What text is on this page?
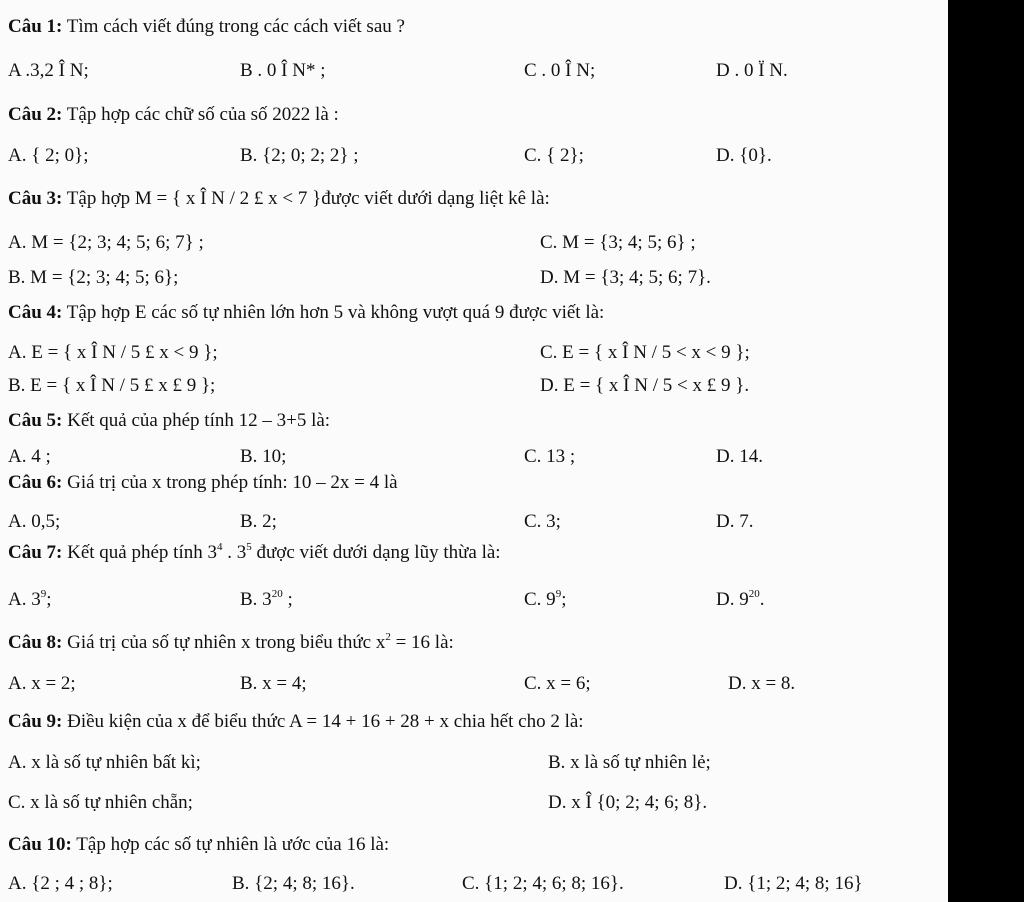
Câu 1: Tìm cách viết đúng trong các cách viết sau ?
A .3,2 Î N;	B . 0 Î N* ;	C . 0 Î N;	D . 0 Ï N.
Câu 2: Tập hợp các chữ số của số 2022 là :
A. { 2; 0};	B. {2; 0; 2; 2} ;	C. { 2};	D. {0}.
Câu 3: Tập hợp M = { x Î N / 2 £ x < 7 }được viết dưới dạng liệt kê là:
A. M = {2; 3; 4; 5; 6; 7} ;	C. M = {3; 4; 5; 6} ;
B. M = {2; 3; 4; 5; 6};	D. M = {3; 4; 5; 6; 7}.
Câu 4: Tập hợp E các số tự nhiên lớn hơn 5 và không vượt quá 9 được viết là:
A. E = { x Î N / 5 £ x < 9 };	C. E = { x Î N / 5 < x < 9 };
B. E = { x Î N / 5 £ x £ 9 };	D. E = { x Î N / 5 < x £ 9 }.
Câu 5: Kết quả của phép tính 12 – 3+5 là:
A. 4 ;	B. 10;	C. 13 ;	D. 14.
Câu 6: Giá trị của x trong phép tính: 10 – 2x = 4 là
A. 0,5;	B. 2;	C. 3;	D. 7.
Câu 7: Kết quả phép tính $3^4$ . $3^5$ được viết dưới dạng lũy thừa là:
A. $3^9$;	B. $3^{20}$ ;	C. $9^9$;	D. $9^{20}$.
Câu 8: Giá trị của số tự nhiên x trong biểu thức $x^2 = 16$ là:
A. x = 2;	B. x = 4;	C. x = 6;	D. x = 8.
Câu 9: Điều kiện của x để biểu thức A = 14 + 16 + 28 + x chia hết cho 2 là:
A. x là số tự nhiên bất kì;	B. x là số tự nhiên lẻ;
C. x là số tự nhiên chẵn;	D. x Î {0; 2; 4; 6; 8}.
Câu 10: Tập hợp các số tự nhiên là ước của 16 là:
A. {2 ; 4 ; 8};	B. {2; 4; 8; 16}.	C. {1; 2; 4; 6; 8; 16}.	D. {1; 2; 4; 8; 16}
